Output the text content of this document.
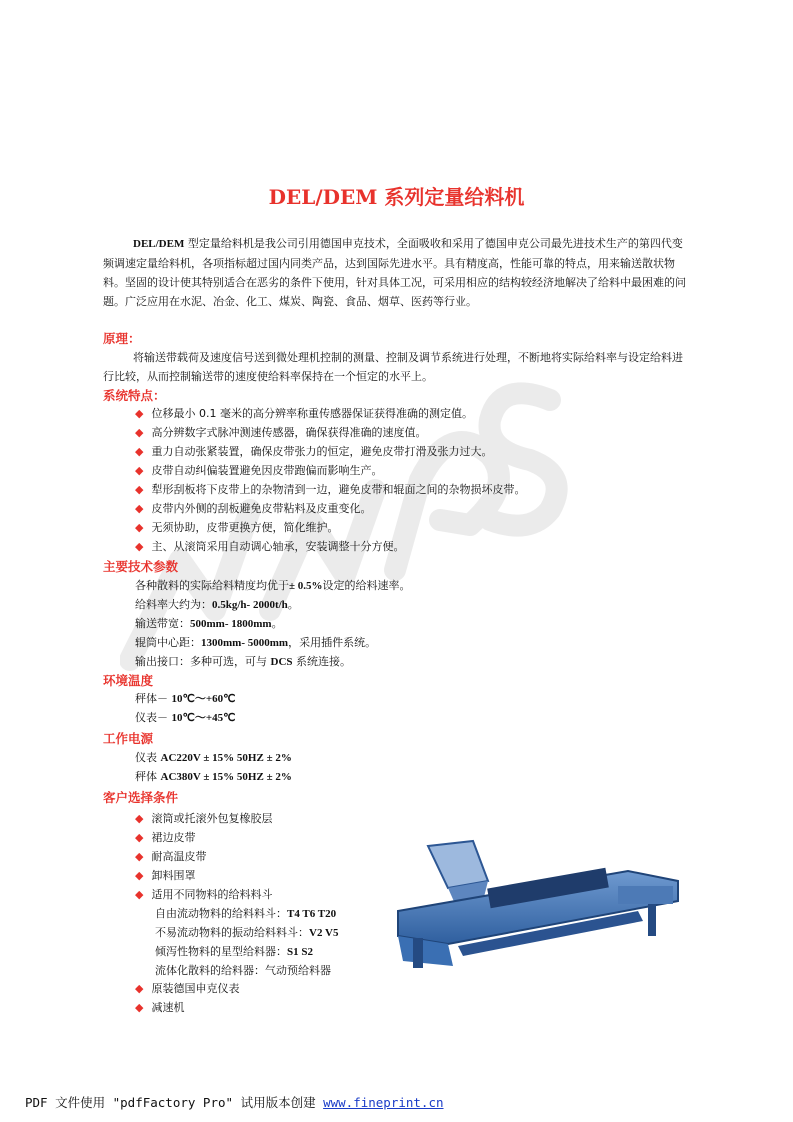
DEL/DEM 系列定量给料机
DEL/DEM 型定量给料机是我公司引用德国申克技术，全面吸收和采用了德国申克公司最先进技术生产的第四代变频调速定量给料机，各项指标超过国内同类产品，达到国际先进水平。具有精度高，性能可靠的特点，用来输送散状物料。坚固的设计使其特别适合在恶劣的条件下使用，针对具体工况，可采用相应的结构较经济地解决了给料中最困难的问题。广泛应用在水泥、冶金、化工、煤炭、陶瓷、食品、烟草、医药等行业。
原理：
将输送带载荷及速度信号送到微处理机控制的测量、控制及调节系统进行处理，不断地将实际给料率与设定给料进行比较，从而控制输送带的速度使给料率保持在一个恒定的水平上。
系统特点：
◆ 位移最小 0.1 毫米的高分辨率称重传感器保证获得准确的测定值。
◆ 高分辨数字式脉冲测速传感器，确保获得准确的速度值。
◆ 重力自动张紧装置，确保皮带张力的恒定，避免皮带打滑及张力过大。
◆ 皮带自动纠偏装置避免因皮带跑偏而影响生产。
◆ 犁形刮板将下皮带上的杂物清到一边，避免皮带和辊面之间的杂物损坏皮带。
◆ 皮带内外侧的刮板避免皮带粘料及皮重变化。
◆ 无须协助，皮带更换方便，简化维护。
◆ 主、从滚筒采用自动调心轴承，安装调整十分方便。
主要技术参数
各种散料的实际给料精度均优于± 0.5%设定的给料速率。
给料率大约为：0.5kg/h- 2000t/h。
输送带宽：500mm- 1800mm。
辊筒中心距：1300mm- 5000mm，采用插件系统。
输出接口：多种可选，可与 DCS 系统连接。
环境温度
秤体－ 10℃～+60℃
仪表－ 10℃～+45℃
工作电源
仪表 AC220V ± 15% 50HZ ± 2%
秤体 AC380V ± 15% 50HZ ± 2%
客户选择条件
◆ 滚筒或托滚外包复橡胶层
◆ 裙边皮带
◆ 耐高温皮带
◆ 卸料围罩
◆ 适用不同物料的给料料斗
自由流动物料的给料料斗：T4 T6 T20
不易流动物料的振动给料料斗：V2 V5
倾泻性物料的星型给料器：S1 S2
流体化散料的给料器：气动预给料器
◆ 原装德国申克仪表
◆ 减速机
PDF 文件使用 "pdfFactory Pro" 试用版本创建 www.fineprint.cn
